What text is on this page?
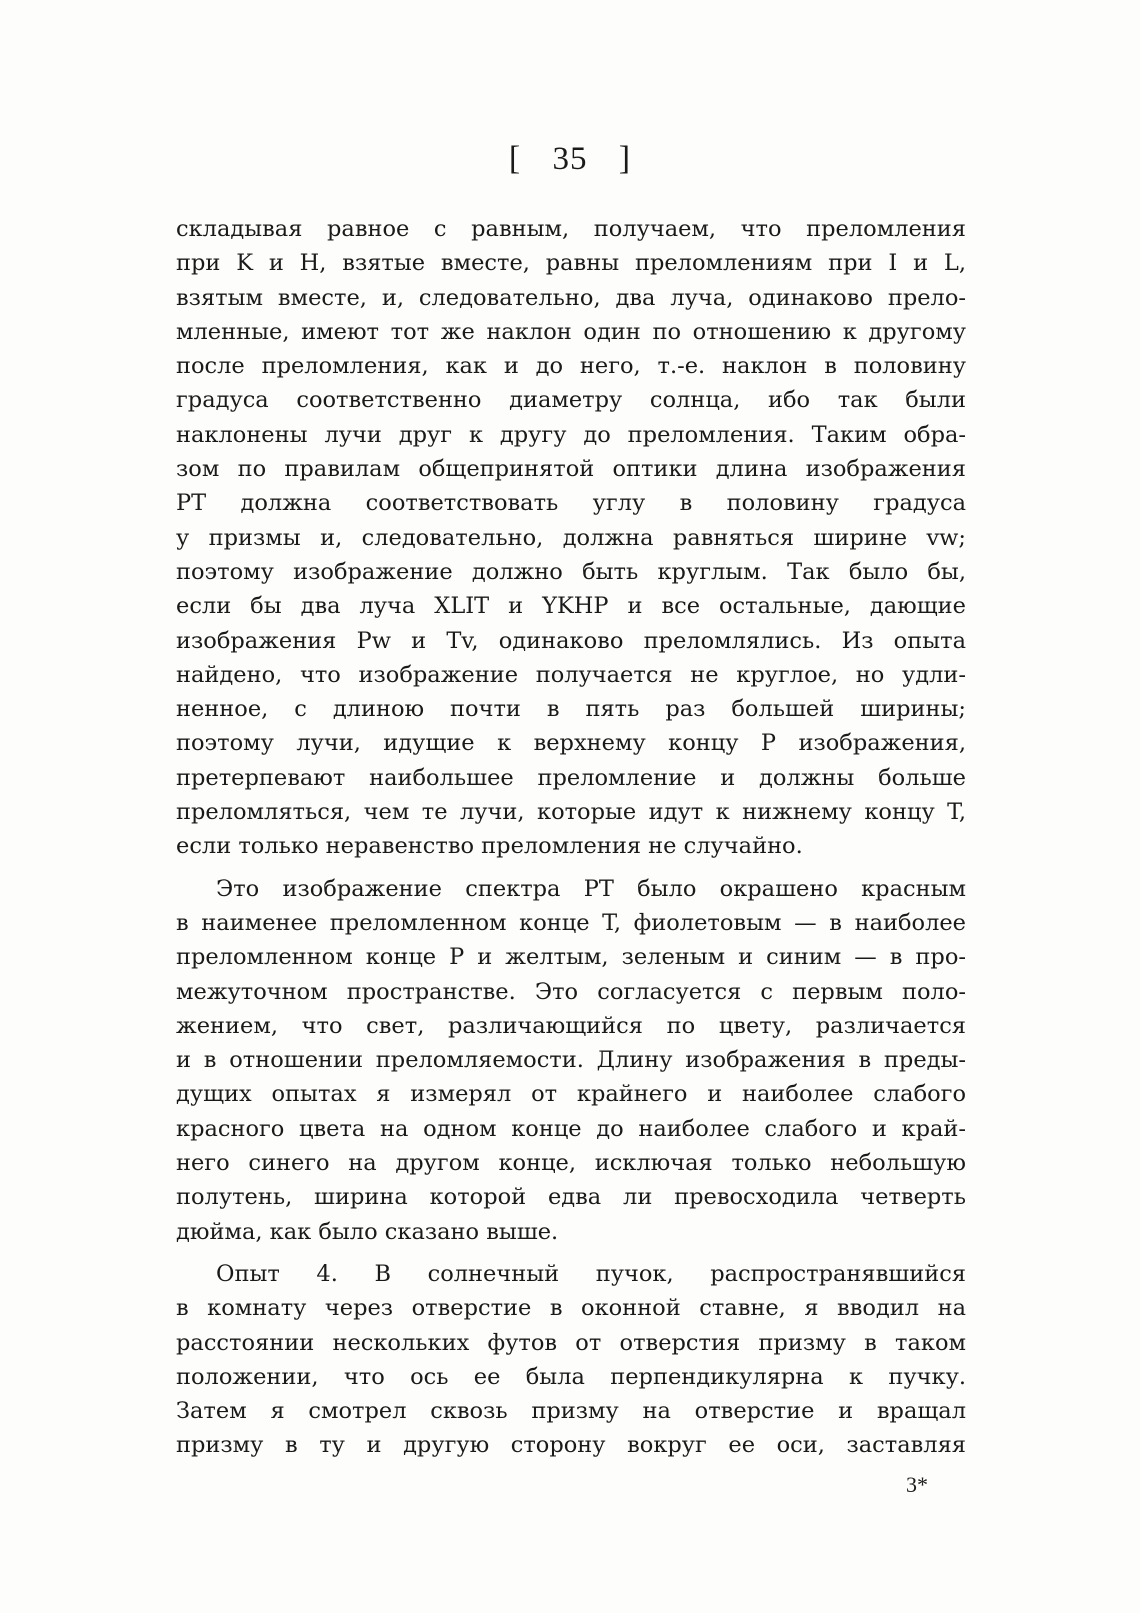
[ 35 ]
складывая равное с равным, получаем, что преломления
при K и H, взятые вместе, равны преломлениям при I и L,
взятым вместе, и, следовательно, два луча, одинаково прело-
мленные, имеют тот же наклон один по отношению к другому
после преломления, как и до него, т.-е. наклон в половину
градуса соответственно диаметру солнца, ибо так были
наклонены лучи друг к другу до преломления. Таким обра-
зом по правилам общепринятой оптики длина изображения
PT должна соответствовать углу в половину градуса
у призмы и, следовательно, должна равняться ширине vw;
поэтому изображение должно быть круглым. Так было бы,
если бы два луча XLIT и YKHP и все остальные, дающие
изображения Pw и Tv, одинаково преломлялись. Из опыта
найдено, что изображение получается не круглое, но удли-
ненное, с длиною почти в пять раз большей ширины;
поэтому лучи, идущие к верхнему концу P изображения,
претерпевают наибольшее преломление и должны больше
преломляться, чем те лучи, которые идут к нижнему концу T,
если только неравенство преломления не случайно.
Это изображение спектра PT было окрашено красным
в наименее преломленном конце T, фиолетовым — в наиболее
преломленном конце P и желтым, зеленым и синим — в про-
межуточном пространстве. Это согласуется с первым поло-
жением, что свет, различающийся по цвету, различается
и в отношении преломляемости. Длину изображения в преды-
дущих опытах я измерял от крайнего и наиболее слабого
красного цвета на одном конце до наиболее слабого и край-
него синего на другом конце, исключая только небольшую
полутень, ширина которой едва ли превосходила четверть
дюйма, как было сказано выше.
Опыт 4. В солнечный пучок, распространявшийся
в комнату через отверстие в оконной ставне, я вводил на
расстоянии нескольких футов от отверстия призму в таком
положении, что ось ее была перпендикулярна к пучку.
Затем я смотрел сквозь призму на отверстие и вращал
призму в ту и другую сторону вокруг ее оси, заставляя
3*
